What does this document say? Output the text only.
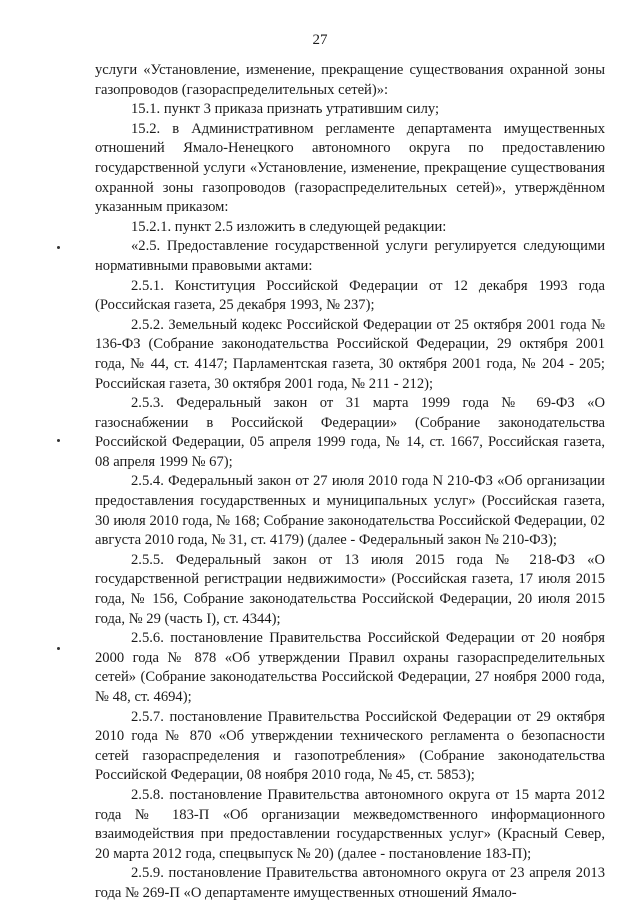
27

услуги «Установление, изменение, прекращение существования охранной зоны газопроводов (газораспределительных сетей)»:

15.1. пункт 3 приказа признать утратившим силу;

15.2. в Административном регламенте департамента имущественных отношений Ямало-Ненецкого автономного округа по предоставлению государственной услуги «Установление, изменение, прекращение существования охранной зоны газопроводов (газораспределительных сетей)», утверждённом указанным приказом:

15.2.1. пункт 2.5 изложить в следующей редакции:

«2.5. Предоставление государственной услуги регулируется следующими нормативными правовыми актами:

2.5.1. Конституция Российской Федерации от 12 декабря 1993 года (Российская газета, 25 декабря 1993, № 237);

2.5.2. Земельный кодекс Российской Федерации от 25 октября 2001 года № 136-ФЗ (Собрание законодательства Российской Федерации, 29 октября 2001 года, № 44, ст. 4147; Парламентская газета, 30 октября 2001 года, № 204 - 205; Российская газета, 30 октября 2001 года, № 211 - 212);

2.5.3. Федеральный закон от 31 марта 1999 года № 69-ФЗ «О газоснабжении в Российской Федерации» (Собрание законодательства Российской Федерации, 05 апреля 1999 года, № 14, ст. 1667, Российская газета, 08 апреля 1999 № 67);

2.5.4. Федеральный закон от 27 июля 2010 года N 210-ФЗ «Об организации предоставления государственных и муниципальных услуг» (Российская газета, 30 июля 2010 года, № 168; Собрание законодательства Российской Федерации, 02 августа 2010 года, № 31, ст. 4179) (далее - Федеральный закон № 210-ФЗ);

2.5.5. Федеральный закон от 13 июля 2015 года № 218-ФЗ «О государственной регистрации недвижимости» (Российская газета, 17 июля 2015 года, № 156, Собрание законодательства Российской Федерации, 20 июля 2015 года, № 29 (часть I), ст. 4344);

2.5.6. постановление Правительства Российской Федерации от 20 ноября 2000 года № 878 «Об утверждении Правил охраны газораспределительных сетей» (Собрание законодательства Российской Федерации, 27 ноября 2000 года, № 48, ст. 4694);

2.5.7. постановление Правительства Российской Федерации от 29 октября 2010 года № 870 «Об утверждении технического регламента о безопасности сетей газораспределения и газопотребления» (Собрание законодательства Российской Федерации, 08 ноября 2010 года, № 45, ст. 5853);

2.5.8. постановление Правительства автономного округа от 15 марта 2012 года № 183-П «Об организации межведомственного информационного взаимодействия при предоставлении государственных услуг» (Красный Север, 20 марта 2012 года, спецвыпуск № 20) (далее - постановление 183-П);

2.5.9. постановление Правительства автономного округа от 23 апреля 2013 года № 269-П «О департаменте имущественных отношений Ямало-
